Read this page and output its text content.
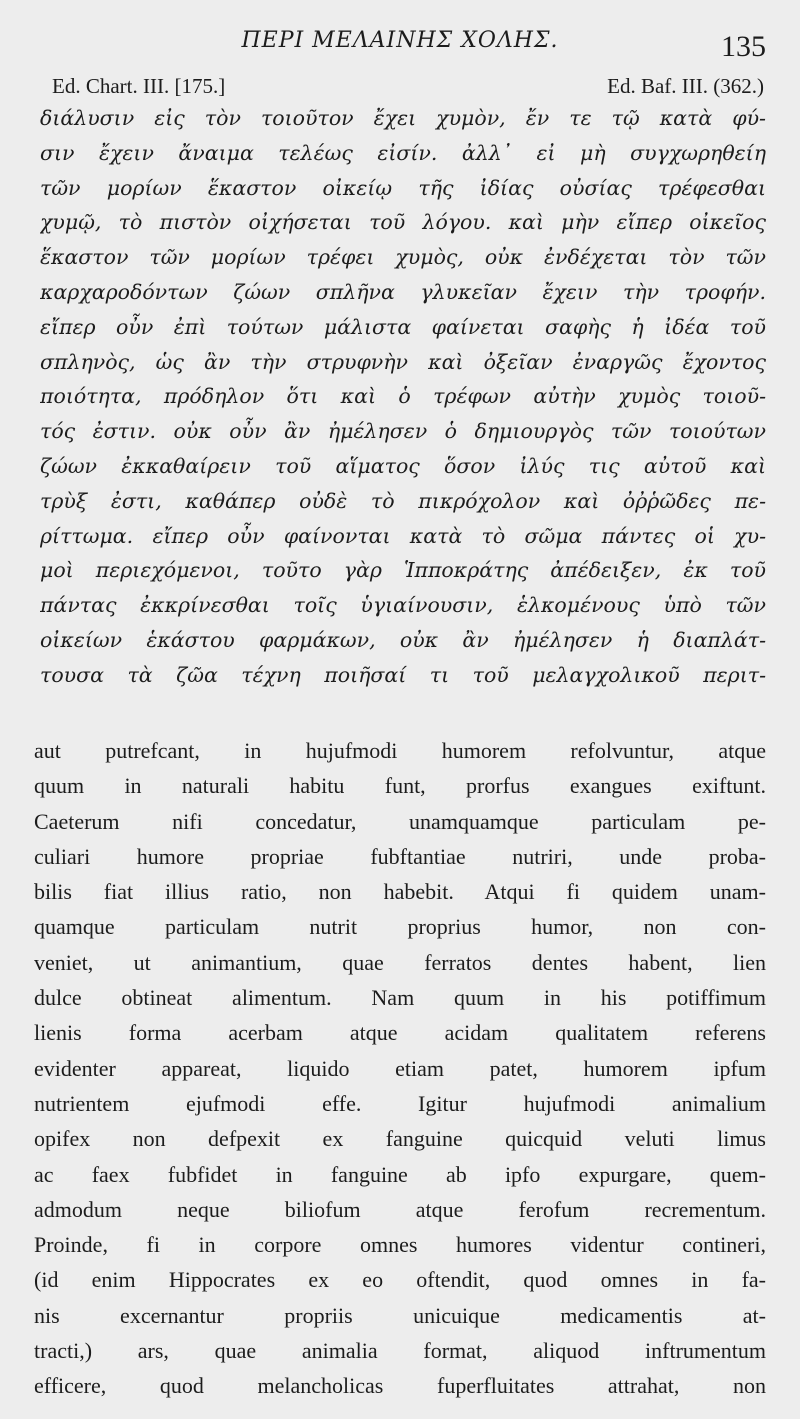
ΠΕΡΙ ΜΕΛΑΙΝΗΣ ΧΟΛΗΣ.	135
Ed. Chart. III. [175.]	Ed. Baf. III. (362.)
διάλυσιν εἰς τὸν τοιοῦτον ἔχει χυμὸν, ἔν τε τῷ κατὰ φύ-
σιν ἔχειν ἄναιμα τελέως εἰσίν. ἀλλ᾽ εἰ μὴ συγχωρηθείη
τῶν μορίων ἕκαστον οἰκείῳ τῆς ἰδίας οὐσίας τρέφεσθαι
χυμῷ, τὸ πιστὸν οἰχήσεται τοῦ λόγου. καὶ μὴν εἴπερ οἰκεῖος
ἕκαστον τῶν μορίων τρέφει χυμὸς, οὐκ ἐνδέχεται τὸν τῶν
καρχαροδόντων ζώων σπλῆνα γλυκεῖαν ἔχειν τὴν τροφήν.
εἴπερ οὖν ἐπὶ τούτων μάλιστα φαίνεται σαφὴς ἡ ἰδέα τοῦ
σπληνὸς, ὡς ἂν τὴν στρυφνὴν καὶ ὀξεῖαν ἐναργῶς ἔχοντος
ποιότητα, πρόδηλον ὅτι καὶ ὁ τρέφων αὐτὴν χυμὸς τοιοῦ-
τός ἐστιν. οὐκ οὖν ἂν ἠμέλησεν ὁ δημιουργὸς τῶν τοιούτων
ζώων ἐκκαθαίρειν τοῦ αἵματος ὅσον ἰλύς τις αὐτοῦ καὶ
τρὺξ ἐστι, καθάπερ οὐδὲ τὸ πικρόχολον καὶ ὀῤῥῶδες πε-
ρίττωμα. εἴπερ οὖν φαίνονται κατὰ τὸ σῶμα πάντες οἱ χυ-
μοὶ περιεχόμενοι, τοῦτο γὰρ Ἱπποκράτης ἀπέδειξεν, ἐκ τοῦ
πάντας ἐκκρίνεσθαι τοῖς ὑγιαίνουσιν, ἑλκομένους ὑπὸ τῶν
οἰκείων ἑκάστου φαρμάκων, οὐκ ἂν ἠμέλησεν ἡ διαπλάτ-
τουσα τὰ ζῶα τέχνη ποιῆσαί τι τοῦ μελαγχολικοῦ περιτ-
aut putrefcant, in hujufmodi humorem refolvuntur, atque
quum in naturali habitu funt, prorfus exangues exiftunt.
Caeterum nifi concedatur, unamquamque particulam pe-
culiari humore propriae fubftantiae nutriri, unde proba-
bilis fiat illius ratio, non habebit. Atqui fi quidem unam-
quamque particulam nutrit proprius humor, non con-
veniet, ut animantium, quae ferratos dentes habent, lien
dulce obtineat alimentum. Nam quum in his potiffimum
lienis forma acerbam atque acidam qualitatem referens
evidenter appareat, liquido etiam patet, humorem ipfum
nutrientem ejufmodi effe. Igitur hujufmodi animalium
opifex non defpexit ex fanguine quicquid veluti limus
ac faex fubfidet in fanguine ab ipfo expurgare, quem-
admodum neque biliofum atque ferofum recrementum.
Proinde, fi in corpore omnes humores videntur contineri,
(id enim Hippocrates ex eo oftendit, quod omnes in fa-
nis excernantur propriis unicuique medicamentis at-
tracti,) ars, quae animalia format, aliquod inftrumentum
efficere, quod melancholicas fuperfluitates attrahat, non
